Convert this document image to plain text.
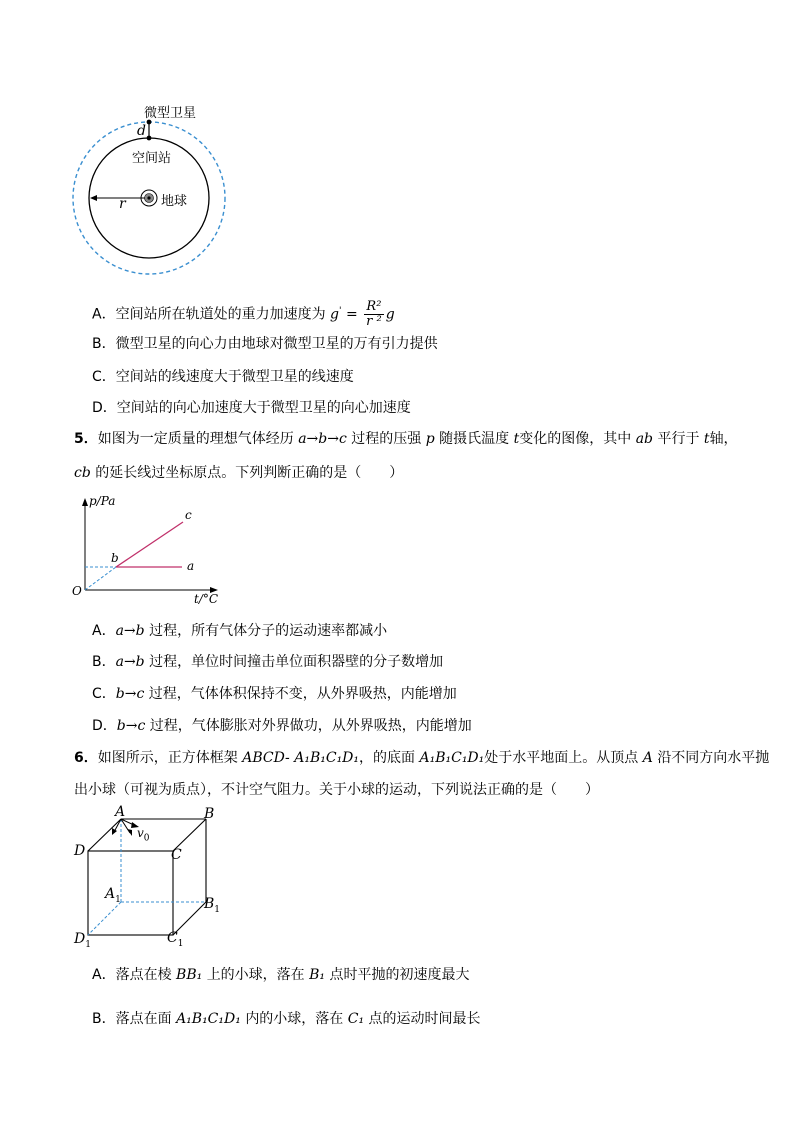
微型卫星
d
空间站
r	地球
A．空间站所在轨道处的重力加速度为 $g' = \frac{\text{R²}}{\text{r ²}}$ g
B．微型卫星的向心力由地球对微型卫星的万有引力提供
C．空间站的线速度大于微型卫星的线速度
D．空间站的向心加速度大于微型卫星的向心加速度
5．如图为一定质量的理想气体经历 a→b→c 过程的压强 p 随摄氏温度 t变化的图像，其中 ab 平行于 t轴，
cb 的延长线过坐标原点。下列判断正确的是（　　）
p/Pa
t/°C
O
a
b
c
A．a→b 过程，所有气体分子的运动速率都减小
B．a→b 过程，单位时间撞击单位面积器壁的分子数增加
C．b→c 过程，气体体积保持不变，从外界吸热，内能增加
D．b→c 过程，气体膨胀对外界做功，从外界吸热，内能增加
6．如图所示，正方体框架 ABCD- A₁B₁C₁D₁，的底面 A₁B₁C₁D₁处于水平地面上。从顶点 A 沿不同方向水平抛
出小球（可视为质点），不计空气阻力。关于小球的运动，下列说法正确的是（　　）
A	B
C
D
$v_0$
$A_1$	$B_1$
$C_1$
$D_1$
A．落点在棱 BB₁ 上的小球，落在 B₁ 点时平抛的初速度最大
B．落点在面 A₁B₁C₁D₁ 内的小球，落在 C₁ 点的运动时间最长
